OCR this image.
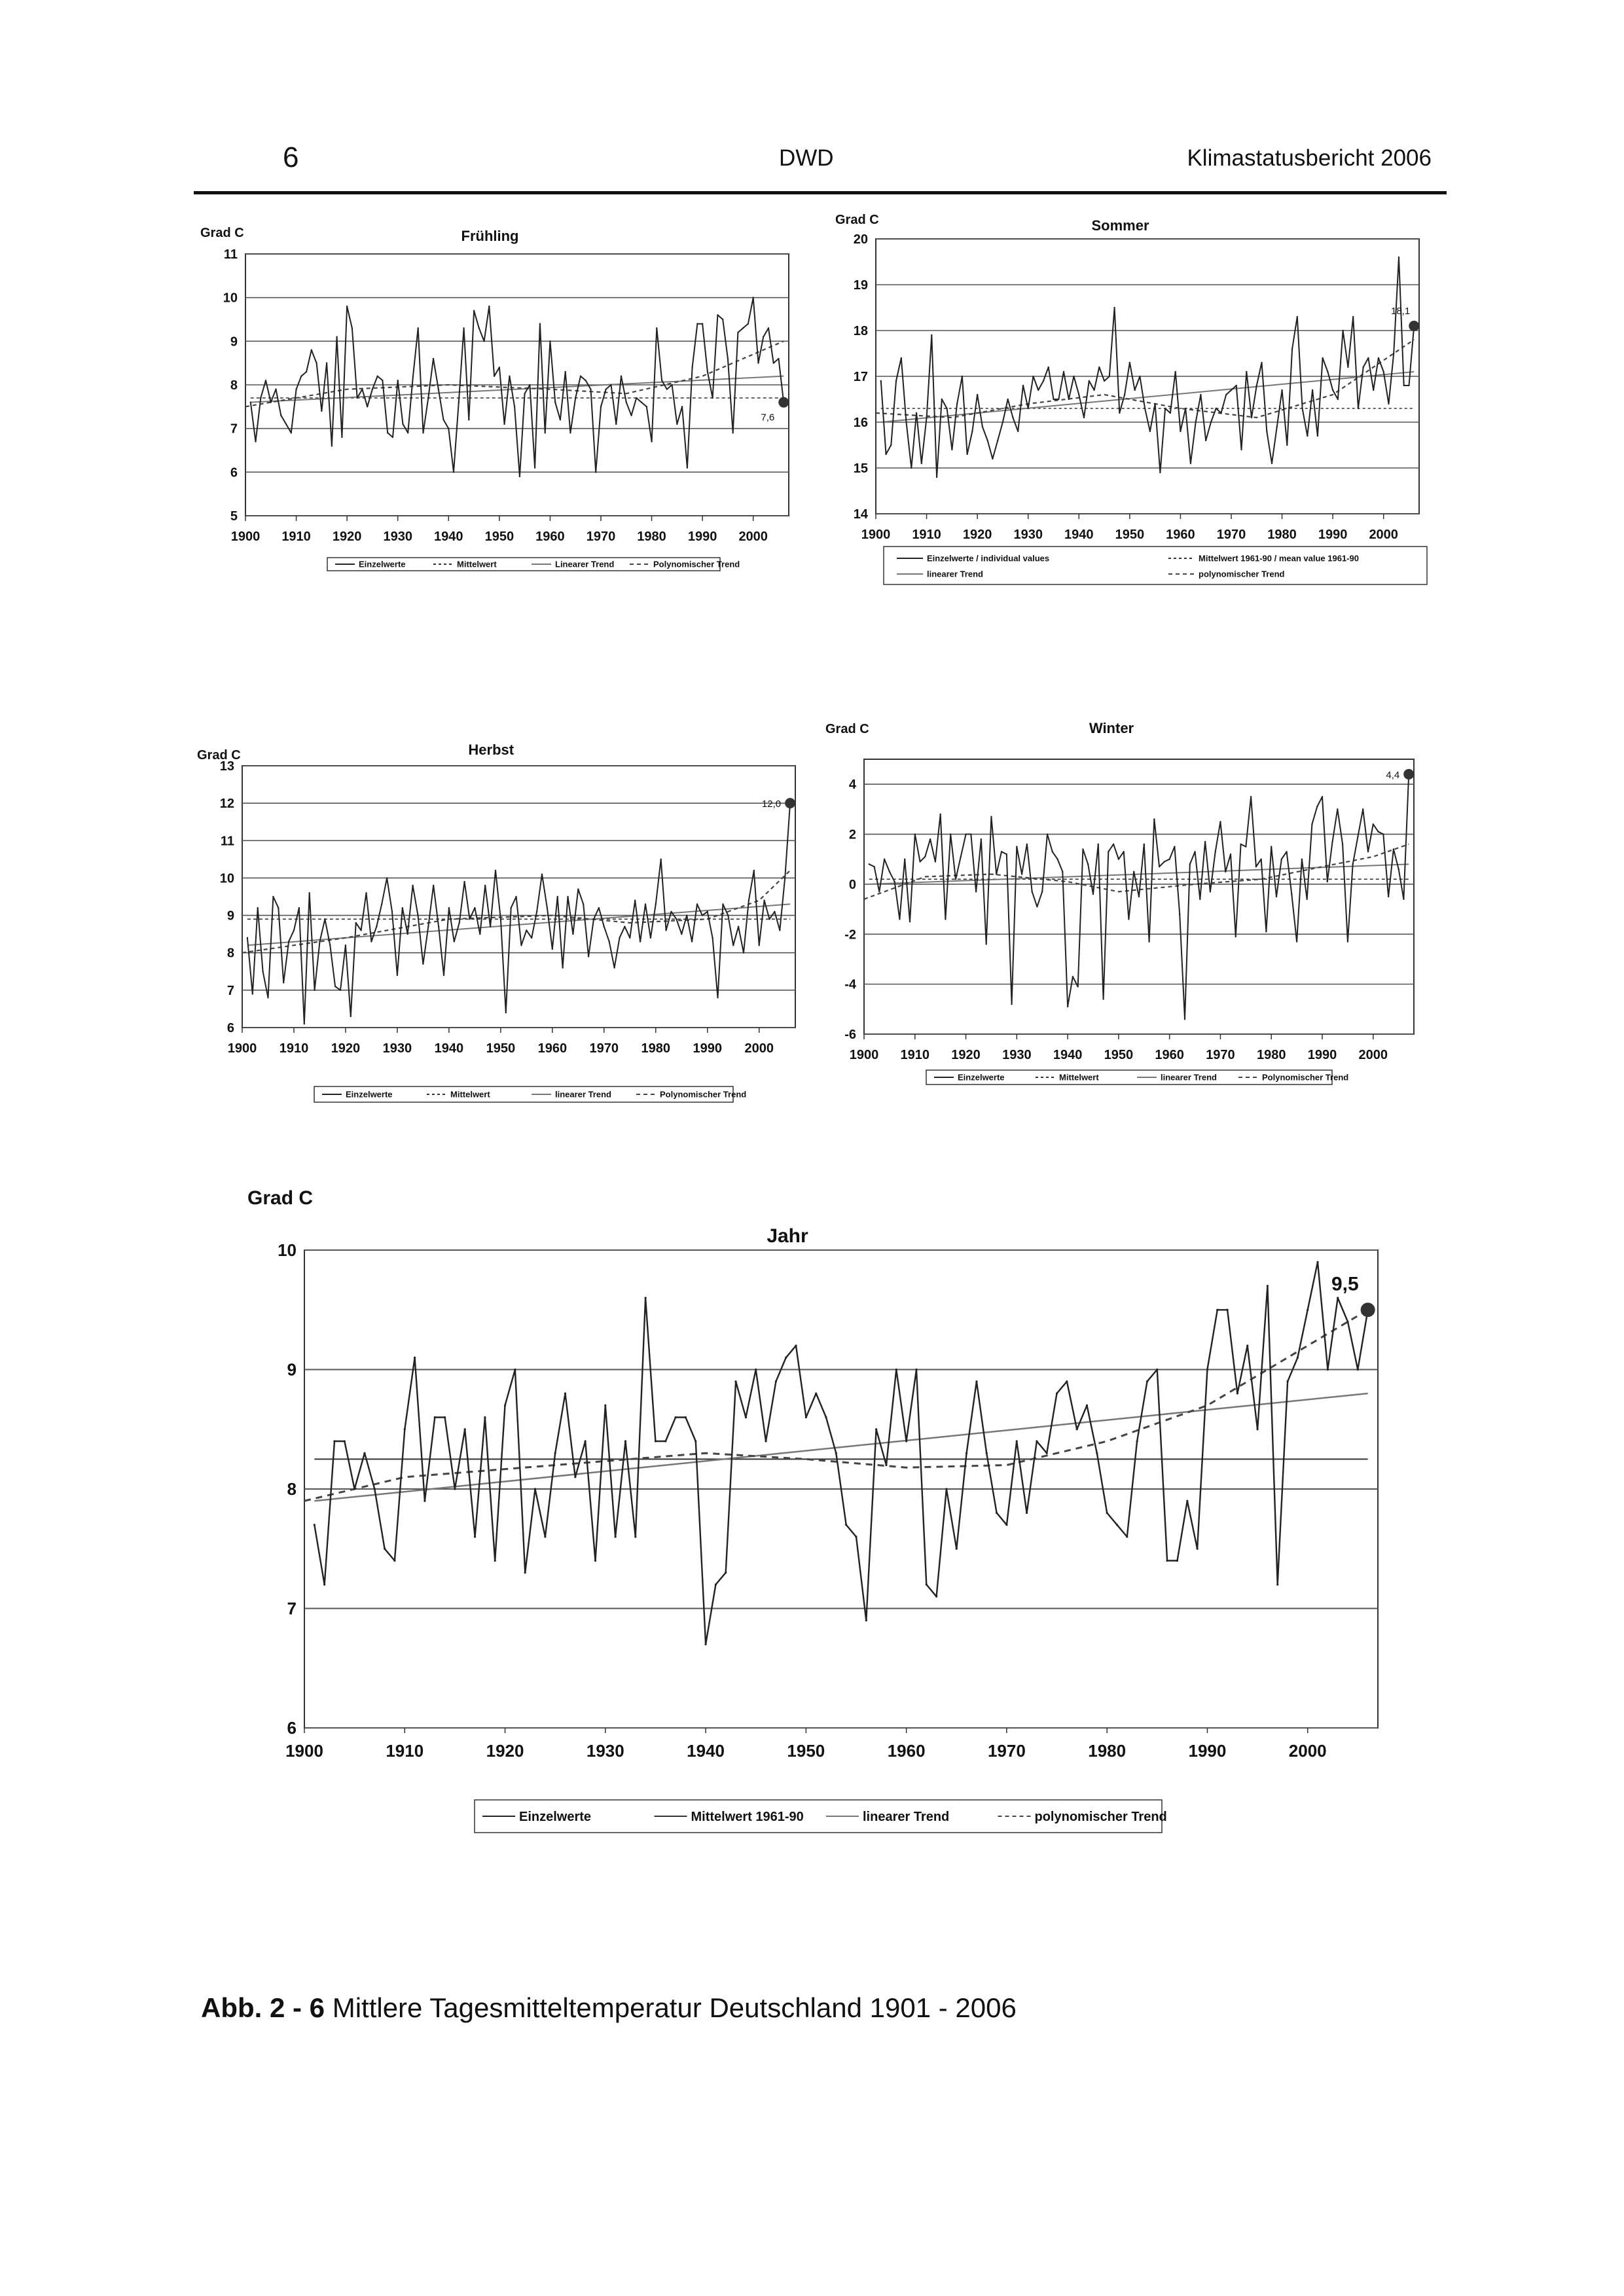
6	DWD	Klimastatusbericht 2006
5
6
7
8
9
10
11
1900 1910 1920 1930 1940 1950 1960 1970 1980 1990 2000
Grad C	Frühling
7,6
Einzelwerte	Mittelwert	Linearer Trend	Polynomischer Trend
14
15
16
17
18
19
20
1900 1910 1920 1930 1940 1950 1960 1970 1980 1990 2000
Grad C	Sommer
18,1
Einzelwerte / individual values	Mittelwert 1961-90 / mean value 1961-90
linearer Trend	polynomischer Trend
6
7
8
9
10
11
12
13
1900 1910 1920 1930 1940 1950 1960 1970 1980 1990 2000
Grad C	Herbst
12,0
Einzelwerte	Mittelwert	linearer Trend	Polynomischer Trend
-6
-4
-2
0
2
4
1900 1910 1920 1930 1940 1950 1960 1970 1980 1990 2000
Grad C	Winter
4,4
Einzelwerte	Mittelwert	linearer Trend	Polynomischer Trend
6
7
8
9
10
1900	1910	1920	1930	1940	1950	1960	1970	1980	1990	2000
Grad C
Jahr
9,5
Einzelwerte	Mittelwert 1961-90	linearer Trend	polynomischer Trend
Abb. 2 - 6 Mittlere Tagesmitteltemperatur Deutschland 1901 - 2006
